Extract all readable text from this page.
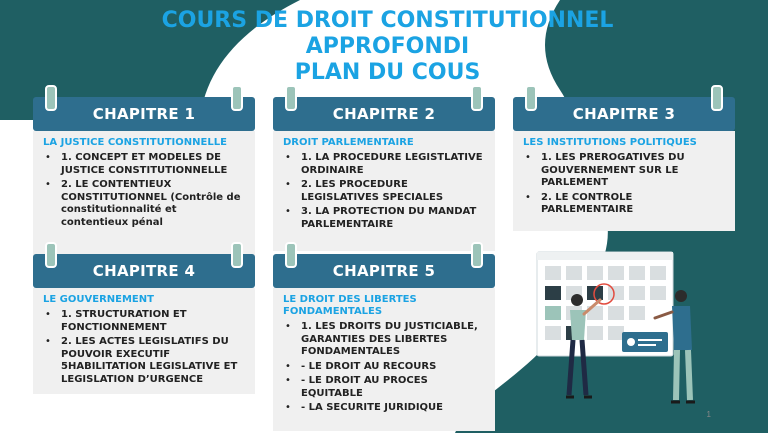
COURS DE DROIT CONSTITUTIONNEL
APPROFONDI
PLAN DU COUS
CHAPITRE 1

LA JUSTICE CONSTITUTIONNELLE

• 1. CONCEPT ET MODELES DE JUSTICE CONSTITUTIONNELLE
• 2. LE CONTENTIEUX CONSTITUTIONNEL (Contrôle de constitutionnalité et contentieux pénal
CHAPITRE 2

DROIT PARLEMENTAIRE

• 1. LA PROCEDURE LEGISTLATIVE ORDINAIRE
• 2. LES PROCEDURE LEGISLATIVES SPECIALES
• 3. LA PROTECTION DU MANDAT PARLEMENTAIRE
CHAPITRE 3

LES INSTITUTIONS POLITIQUES

• 1. LES PREROGATIVES DU GOUVERNEMENT SUR LE PARLEMENT
• 2. LE CONTROLE PARLEMENTAIRE
CHAPITRE 4

LE GOUVERNEMENT

• 1. STRUCTURATION ET FONCTIONNEMENT
• 2. LES ACTES LEGISLATIFS DU POUVOIR EXECUTIF 5HABILITATION LEGISLATIVE ET LEGISLATION D’URGENCE
CHAPITRE 5

LE DROIT DES LIBERTES FONDAMENTALES

• 1. LES DROITS DU JUSTICIABLE, GARANTIES DES LIBERTES FONDAMENTALES
• - LE DROIT AU RECOURS
• - LE DROIT AU PROCES EQUITABLE
• - LA SECURITE JURIDIQUE
1
